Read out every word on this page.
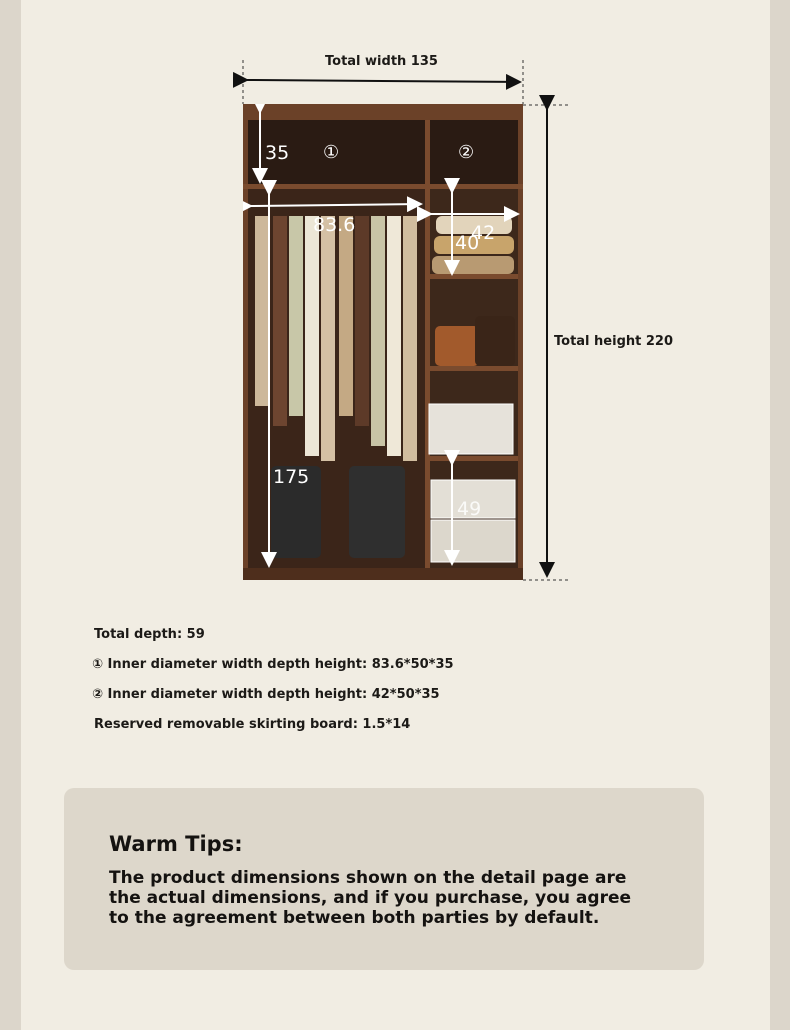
Total width 135
Total height 220
35 ①	②
83.6	42
40
175
49
Total depth: 59
① Inner diameter width depth height: 83.6*50*35
② Inner diameter width depth height: 42*50*35
Reserved removable skirting board: 1.5*14
Warm Tips:
The product dimensions shown on the detail page are the actual dimensions, and if you purchase, you agree to the agreement between both parties by default.
